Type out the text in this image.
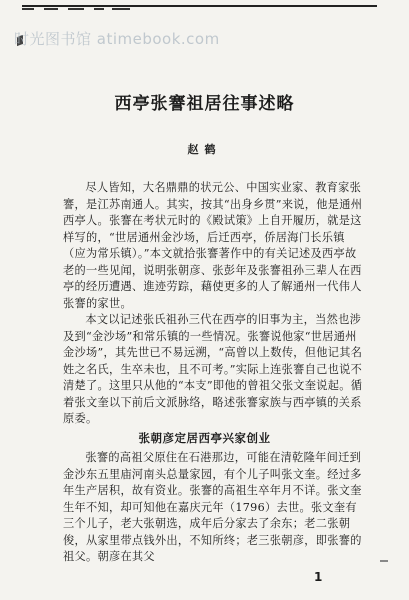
时光图书馆 atimebook.com
西亭张謇祖居往事述略
赵鹤

尽人皆知，大名鼎鼎的状元公、中国实业家、教育家张謇，是江苏南通人。其实，按其“出身乡贯”来说，他是通州西亭人。张謇在考状元时的《殿试策》上自开履历，就是这样写的，“世居通州金沙场，后迁西亭，侨居海门长乐镇（应为常乐镇）。”本文就拾张謇著作中的有关记述及西亭故老的一些见闻，说明张朝彦、张彭年及张謇祖孙三辈人在西亭的经历遭遇、進迹劳踪，藉使更多的人了解通州一代伟人张謇的家世。

本文以记述张氏祖孙三代在西亭的旧事为主，当然也涉及到“金沙场”和常乐镇的一些情况。张謇说他家“世居通州金沙场”，其先世已不易远溯，“高曾以上数传，但他记其名姓之名氏，生卒未也，且不可考。”实际上连张謇自己也说不清楚了。这里只从他的“本支”即他的曾祖父张文奎说起。循着张文奎以下前后文派脉络，略述张謇家族与西亭镇的关系原委。

张朝彦定居西亭兴家创业

张謇的高祖父原住在石港那边，可能在清乾隆年间迁到金沙东五里庙河南头总量家园，有个儿子叫张文奎。经过多年生产居积，故有资业。张謇的高祖生卒年月不详。张文奎生年不知，却可知他在嘉庆元年（1796）去世。张文奎有三个儿子，老大张朝选，成年后分家去了余东；老二张朝俊，从家里带点钱外出，不知所终；老三张朝彦，即张謇的祖父。朝彦在其父

1
